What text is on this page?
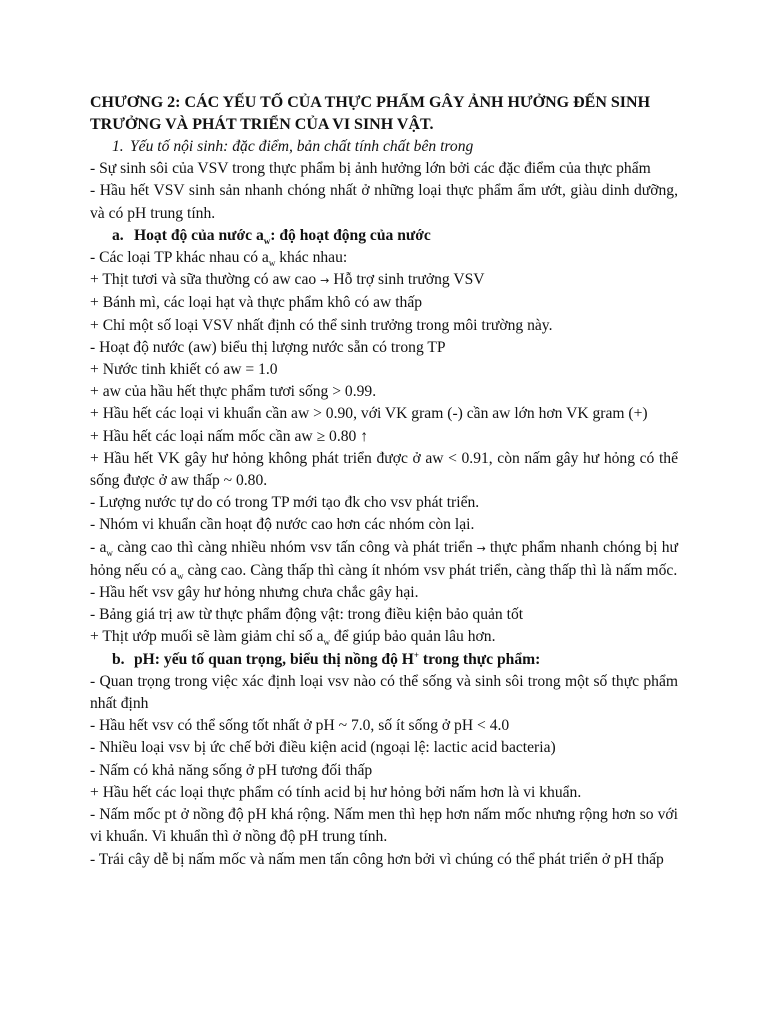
CHƯƠNG 2: CÁC YẾU TỐ CỦA THỰC PHẨM GÂY ẢNH HƯỞNG ĐẾN SINH TRƯỞNG VÀ PHÁT TRIỂN CỦA VI SINH VẬT.

1. Yếu tố nội sinh: đặc điểm, bản chất tính chất bên trong

- Sự sinh sôi của VSV trong thực phẩm bị ảnh hưởng lớn bởi các đặc điểm của thực phẩm

- Hầu hết VSV sinh sản nhanh chóng nhất ở những loại thực phẩm ẩm ướt, giàu dinh dưỡng, và có pH trung tính.

a. Hoạt độ của nước $a_w$: độ hoạt động của nước

- Các loại TP khác nhau có $a_w$ khác nhau:

+ Thịt tươi và sữa thường có aw cao → Hỗ trợ sinh trưởng VSV

+ Bánh mì, các loại hạt và thực phẩm khô có aw thấp

+ Chỉ một số loại VSV nhất định có thể sinh trưởng trong môi trường này.

- Hoạt độ nước (aw) biểu thị lượng nước sẵn có trong TP

+ Nước tinh khiết có aw = 1.0

+ aw của hầu hết thực phẩm tươi sống > 0.99.

+ Hầu hết các loại vi khuẩn cần aw > 0.90, với VK gram (-) cần aw lớn hơn VK gram (+)

+ Hầu hết các loại nấm mốc cần aw ≥ 0.80 ↑

+ Hầu hết VK gây hư hỏng không phát triển được ở aw < 0.91, còn nấm gây hư hỏng có thể sống được ở aw thấp ~ 0.80.

- Lượng nước tự do có trong TP mới tạo đk cho vsv phát triển.

- Nhóm vi khuẩn cần hoạt độ nước cao hơn các nhóm còn lại.

- $a_w$ càng cao thì càng nhiều nhóm vsv tấn công và phát triển → thực phẩm nhanh chóng bị hư hỏng nếu có $a_w$ càng cao. Càng thấp thì càng ít nhóm vsv phát triển, càng thấp thì là nấm mốc.

- Hầu hết vsv gây hư hỏng nhưng chưa chắc gây hại.

- Bảng giá trị aw từ thực phẩm động vật: trong điều kiện bảo quản tốt

+ Thịt ướp muối sẽ làm giảm chỉ số $a_w$ để giúp bảo quản lâu hơn.

b. pH: yếu tố quan trọng, biểu thị nồng độ H+ trong thực phẩm:

- Quan trọng trong việc xác định loại vsv nào có thể sống và sinh sôi trong một số thực phẩm nhất định

- Hầu hết vsv có thể sống tốt nhất ở pH ~ 7.0, số ít sống ở pH < 4.0

- Nhiều loại vsv bị ức chế bởi điều kiện acid (ngoại lệ: lactic acid bacteria)

- Nấm có khả năng sống ở pH tương đối thấp

+ Hầu hết các loại thực phẩm có tính acid bị hư hỏng bởi nấm hơn là vi khuẩn.

- Nấm mốc pt ở nồng độ pH khá rộng. Nấm men thì hẹp hơn nấm mốc nhưng rộng hơn so với vi khuẩn. Vi khuẩn thì ở nồng độ pH trung tính.

- Trái cây dễ bị nấm mốc và nấm men tấn công hơn bởi vì chúng có thể phát triển ở pH thấp
